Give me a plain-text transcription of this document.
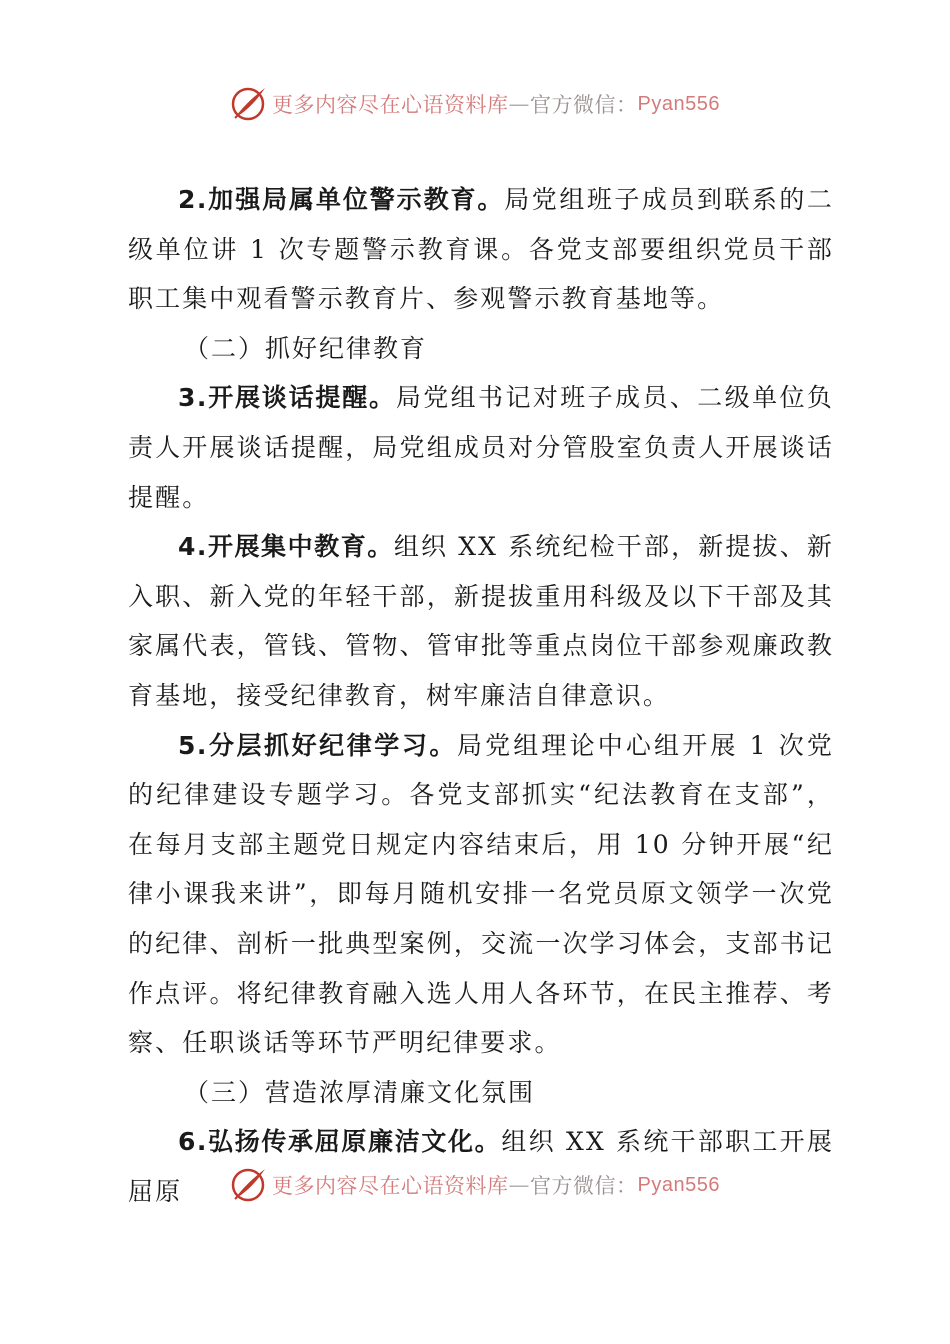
更多内容尽在心语资料库 — 官方微信： Pyan556

2.加强局属单位警示教育。局党组班子成员到联系的二级单位讲 1 次专题警示教育课。各党支部要组织党员干部职工集中观看警示教育片、参观警示教育基地等。

（二）抓好纪律教育

3.开展谈话提醒。局党组书记对班子成员、二级单位负责人开展谈话提醒，局党组成员对分管股室负责人开展谈话提醒。

4.开展集中教育。组织 XX 系统纪检干部，新提拔、新入职、新入党的年轻干部，新提拔重用科级及以下干部及其家属代表，管钱、管物、管审批等重点岗位干部参观廉政教育基地，接受纪律教育，树牢廉洁自律意识。

5.分层抓好纪律学习。局党组理论中心组开展 1 次党的纪律建设专题学习。各党支部抓实“纪法教育在支部”，在每月支部主题党日规定内容结束后，用 10 分钟开展“纪律小课我来讲”，即每月随机安排一名党员原文领学一次党的纪律、剖析一批典型案例，交流一次学习体会，支部书记作点评。将纪律教育融入选人用人各环节，在民主推荐、考察、任职谈话等环节严明纪律要求。

（三）营造浓厚清廉文化氛围

6.弘扬传承屈原廉洁文化。组织 XX 系统干部职工开展屈原	更多内容尽在心语资料库 — 官方微信： Pyan556
